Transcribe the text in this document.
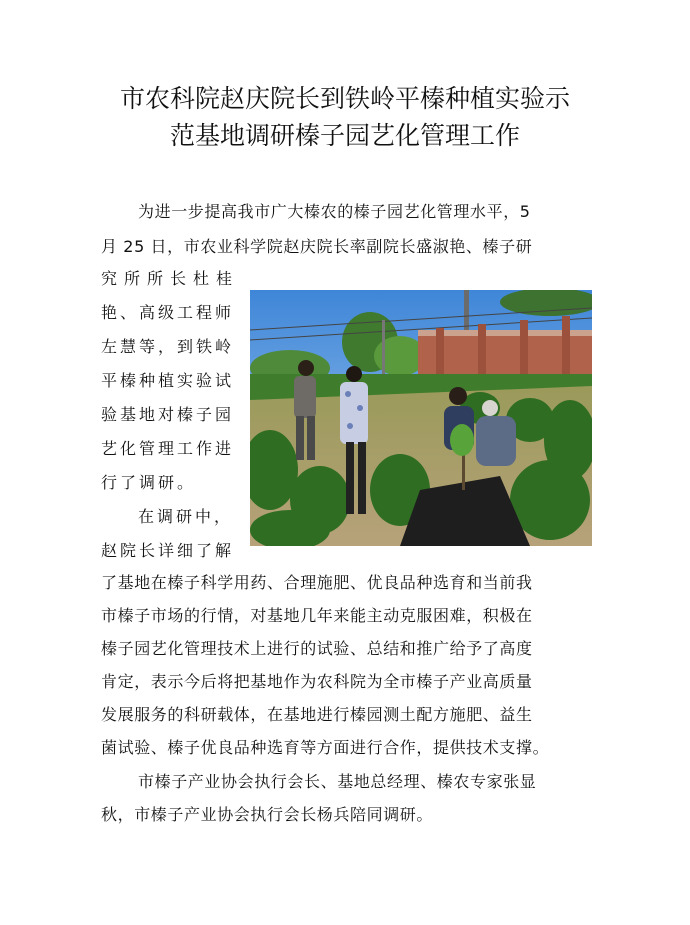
市农科院赵庆院长到铁岭平榛种植实验示
范基地调研榛子园艺化管理工作
为进一步提高我市广大榛农的榛子园艺化管理水平，5
月 25 日，市农业科学院赵庆院长率副院长盛淑艳、榛子研
究所所长杜桂
艳、高级工程师
左慧等，到铁岭
平榛种植实验试
验基地对榛子园
艺化管理工作进
行了调研。
在调研中，
赵院长详细了解
了基地在榛子科学用药、合理施肥、优良品种选育和当前我
市榛子市场的行情，对基地几年来能主动克服困难，积极在
榛子园艺化管理技术上进行的试验、总结和推广给予了高度
肯定，表示今后将把基地作为农科院为全市榛子产业高质量
发展服务的科研载体，在基地进行榛园测土配方施肥、益生
菌试验、榛子优良品种选育等方面进行合作，提供技术支撑。
市榛子产业协会执行会长、基地总经理、榛农专家张显
秋，市榛子产业协会执行会长杨兵陪同调研。
